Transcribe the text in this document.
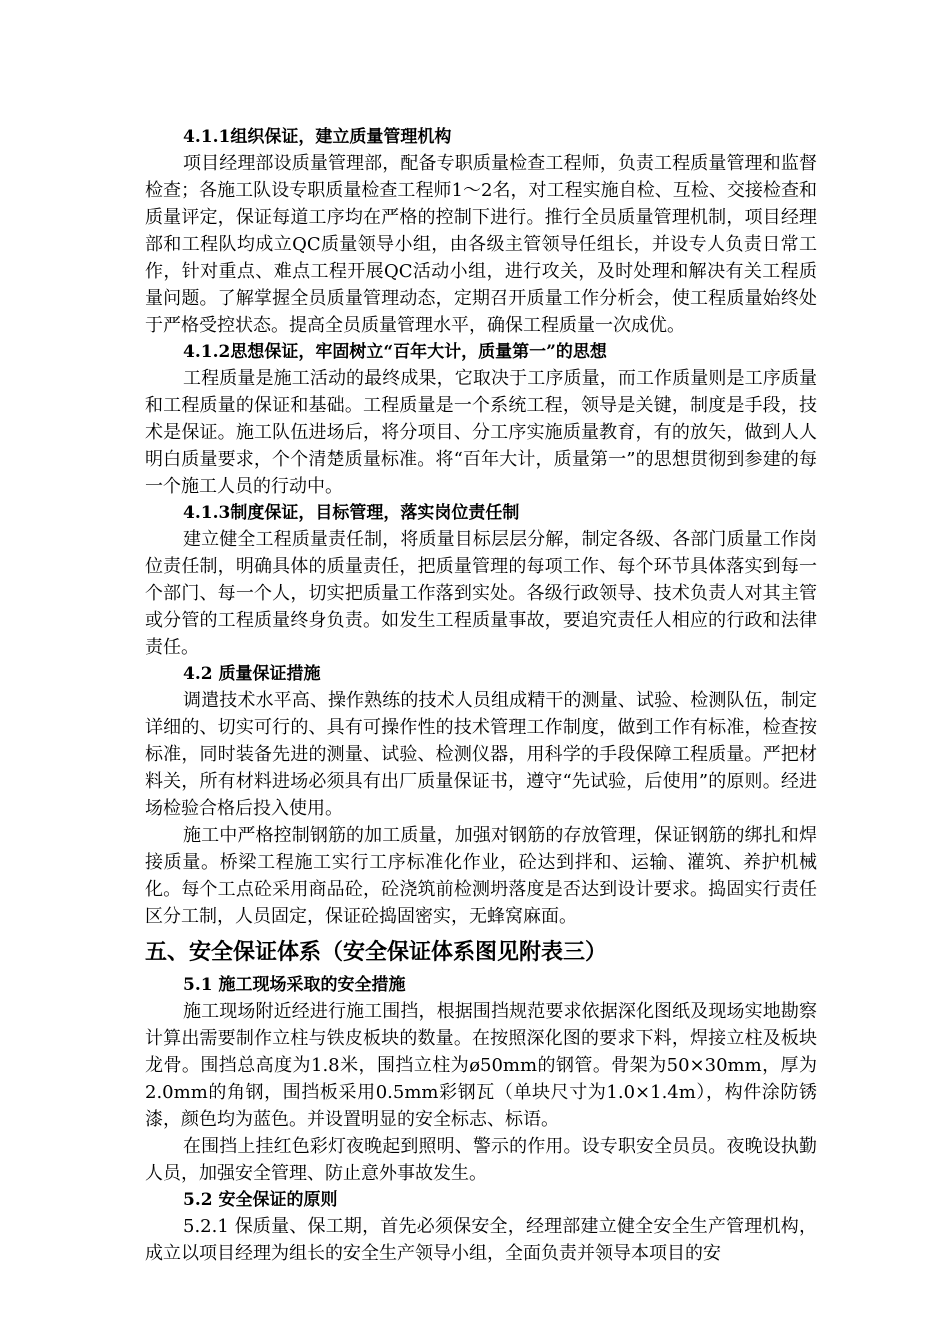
4.1.1组织保证，建立质量管理机构

项目经理部设质量管理部，配备专职质量检查工程师，负责工程质量管理和监督检查；各施工队设专职质量检查工程师1～2名，对工程实施自检、互检、交接检查和质量评定，保证每道工序均在严格的控制下进行。推行全员质量管理机制，项目经理部和工程队均成立QC质量领导小组，由各级主管领导任组长，并设专人负责日常工作，针对重点、难点工程开展QC活动小组，进行攻关，及时处理和解决有关工程质量问题。了解掌握全员质量管理动态，定期召开质量工作分析会，使工程质量始终处于严格受控状态。提高全员质量管理水平，确保工程质量一次成优。

4.1.2思想保证，牢固树立“百年大计，质量第一”的思想

工程质量是施工活动的最终成果，它取决于工序质量，而工作质量则是工序质量和工程质量的保证和基础。工程质量是一个系统工程，领导是关键，制度是手段，技术是保证。施工队伍进场后，将分项目、分工序实施质量教育，有的放矢，做到人人明白质量要求，个个清楚质量标准。将“百年大计，质量第一”的思想贯彻到参建的每一个施工人员的行动中。

4.1.3制度保证，目标管理，落实岗位责任制

建立健全工程质量责任制，将质量目标层层分解，制定各级、各部门质量工作岗位责任制，明确具体的质量责任，把质量管理的每项工作、每个环节具体落实到每一个部门、每一个人，切实把质量工作落到实处。各级行政领导、技术负责人对其主管或分管的工程质量终身负责。如发生工程质量事故，要追究责任人相应的行政和法律责任。

4.2 质量保证措施

调遣技术水平高、操作熟练的技术人员组成精干的测量、试验、检测队伍，制定详细的、切实可行的、具有可操作性的技术管理工作制度，做到工作有标准，检查按标准，同时装备先进的测量、试验、检测仪器，用科学的手段保障工程质量。严把材料关，所有材料进场必须具有出厂质量保证书，遵守“先试验，后使用”的原则。经进场检验合格后投入使用。

施工中严格控制钢筋的加工质量，加强对钢筋的存放管理，保证钢筋的绑扎和焊接质量。桥梁工程施工实行工序标准化作业，砼达到拌和、运输、灌筑、养护机械化。每个工点砼采用商品砼，砼浇筑前检测坍落度是否达到设计要求。捣固实行责任区分工制，人员固定，保证砼捣固密实，无蜂窝麻面。

五、安全保证体系（安全保证体系图见附表三）
5.1 施工现场采取的安全措施

施工现场附近经进行施工围挡，根据围挡规范要求依据深化图纸及现场实地勘察计算出需要制作立柱与铁皮板块的数量。在按照深化图的要求下料，焊接立柱及板块龙骨。围挡总高度为1.8米，围挡立柱为ø50mm的钢管。骨架为50×30mm，厚为2.0mm的角钢，围挡板采用0.5mm彩钢瓦（单块尺寸为1.0×1.4m），构件涂防锈漆，颜色均为蓝色。并设置明显的安全标志、标语。

在围挡上挂红色彩灯夜晚起到照明、警示的作用。设专职安全员员。夜晚设执勤人员，加强安全管理、防止意外事故发生。

5.2 安全保证的原则

5.2.1 保质量、保工期，首先必须保安全，经理部建立健全安全生产管理机构，成立以项目经理为组长的安全生产领导小组，全面负责并领导本项目的安
